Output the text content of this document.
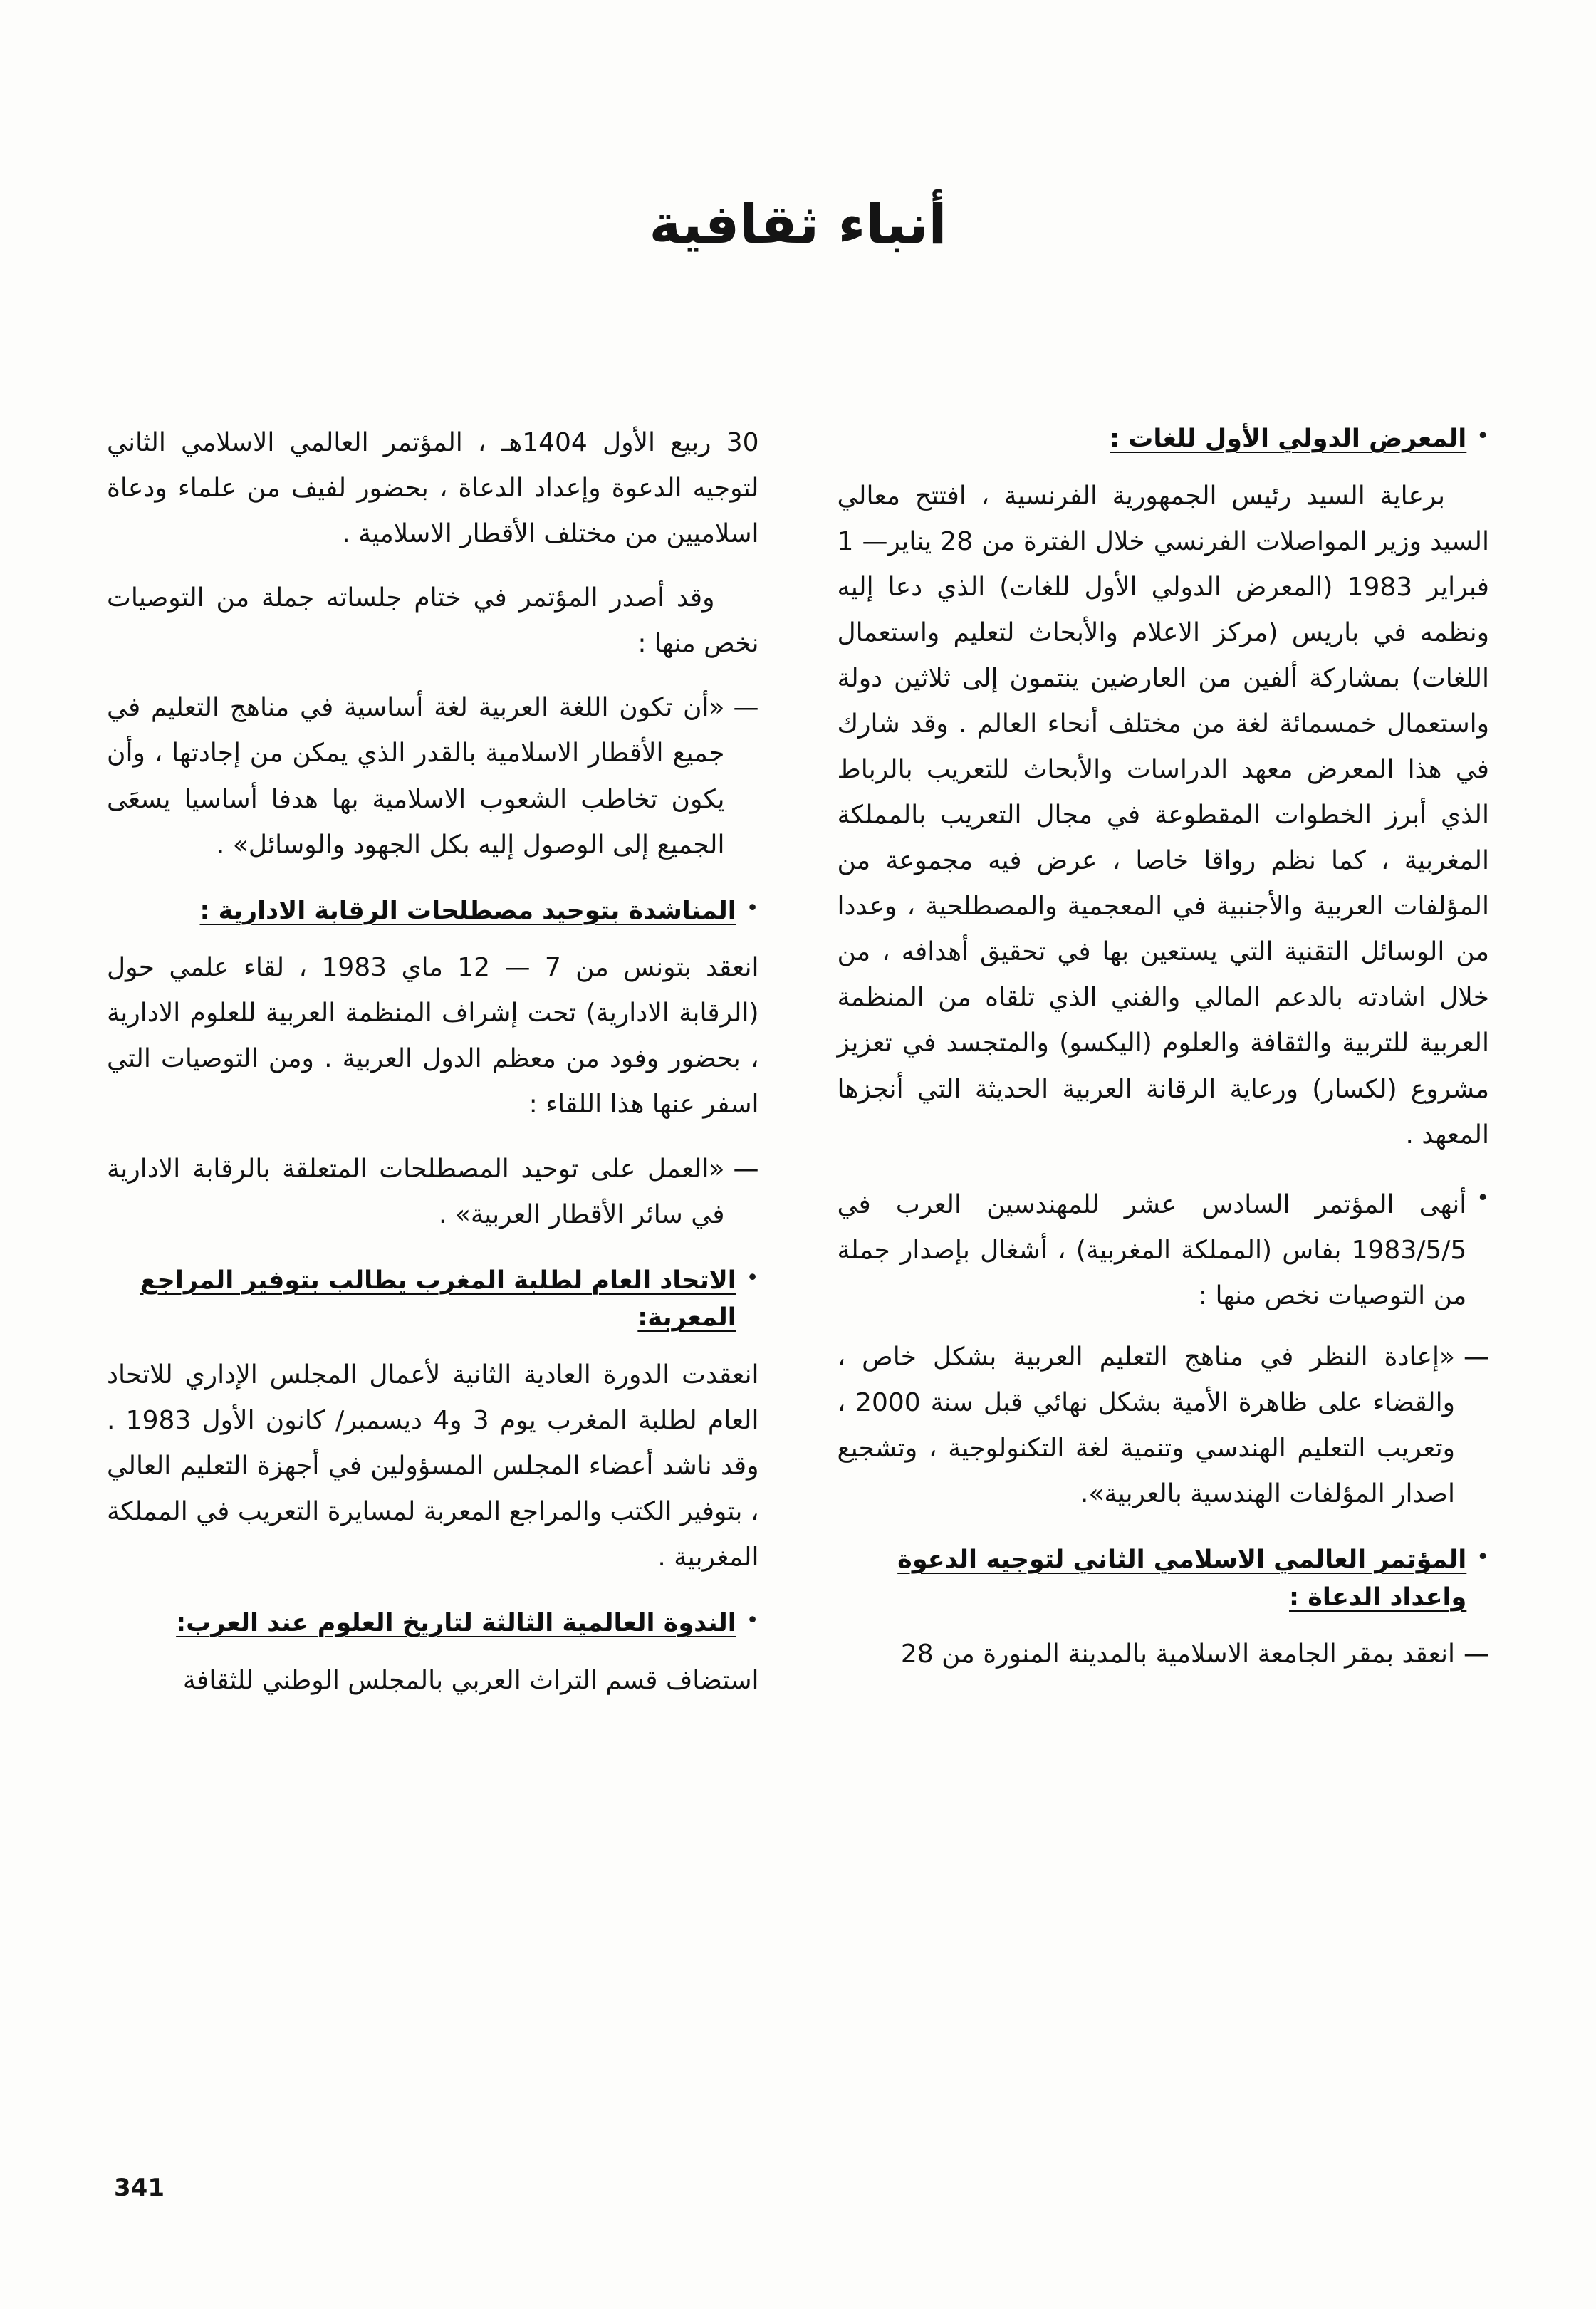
أنباء ثقافية
•
المعرض الدولي الأول للغات :

برعاية السيد رئيس الجمهورية الفرنسية ، افتتح معالي السيد وزير المواصلات الفرنسي خلال الفترة من 28 يناير— 1 فبراير 1983 (المعرض الدولي الأول للغات) الذي دعا إليه ونظمه في باريس (مركز الاعلام والأبحاث لتعليم واستعمال اللغات) بمشاركة ألفين من العارضين ينتمون إلى ثلاثين دولة واستعمال خمسمائة لغة من مختلف أنحاء العالم . وقد شارك في هذا المعرض معهد الدراسات والأبحاث للتعريب بالرباط الذي أبرز الخطوات المقطوعة في مجال التعريب بالمملكة المغربية ، كما نظم رواقا خاصا ، عرض فيه مجموعة من المؤلفات العربية والأجنبية في المعجمية والمصطلحية ، وعددا من الوسائل التقنية التي يستعين بها في تحقيق أهدافه ، من خلال اشادته بالدعم المالي والفني الذي تلقاه من المنظمة العربية للتربية والثقافة والعلوم (اليكسو) والمتجسد في تعزيز مشروع (لكسار) ورعاية الرقانة العربية الحديثة التي أنجزها المعهد .

•
أنهى المؤتمر السادس عشر للمهندسين العرب في 1983/5/5 بفاس (المملكة المغربية) ، أشغال بإصدار جملة من التوصيات نخص منها :
—
«إعادة النظر في مناهج التعليم العربية بشكل خاص ، والقضاء على ظاهرة الأمية بشكل نهائي قبل سنة 2000 ، وتعريب التعليم الهندسي وتنمية لغة التكنولوجية ، وتشجيع اصدار المؤلفات الهندسية بالعربية».
•
المؤتمر العالمي الاسلامي الثاني لتوجيه الدعوة واعداد الدعاة :
—
انعقد بمقر الجامعة الاسلامية بالمدينة المنورة من 28

30 ربيع الأول 1404هـ ، المؤتمر العالمي الاسلامي الثاني لتوجيه الدعوة وإعداد الدعاة ، بحضور لفيف من علماء ودعاة اسلاميين من مختلف الأقطار الاسلامية .

وقد أصدر المؤتمر في ختام جلساته جملة من التوصيات نخص منها :

—
«أن تكون اللغة العربية لغة أساسية في مناهج التعليم في جميع الأقطار الاسلامية بالقدر الذي يمكن من إجادتها ، وأن يكون تخاطب الشعوب الاسلامية بها هدفا أساسيا يسعَى الجميع إلى الوصول إليه بكل الجهود والوسائل» .
•
المناشدة بتوحيد مصطلحات الرقابة الادارية :

انعقد بتونس من 7 — 12 ماي 1983 ، لقاء علمي حول (الرقابة الادارية) تحت إشراف المنظمة العربية للعلوم الادارية ، بحضور وفود من معظم الدول العربية . ومن التوصيات التي اسفر عنها هذا اللقاء :

—
«العمل على توحيد المصطلحات المتعلقة بالرقابة الادارية في سائر الأقطار العربية» .
•
الاتحاد العام لطلبة المغرب يطالب بتوفير المراجع المعربة:

انعقدت الدورة العادية الثانية لأعمال المجلس الإداري للاتحاد العام لطلبة المغرب يوم 3 و4 ديسمبر/ كانون الأول 1983 . وقد ناشد أعضاء المجلس المسؤولين في أجهزة التعليم العالي ، بتوفير الكتب والمراجع المعربة لمسايرة التعريب في المملكة المغربية .

•
الندوة العالمية الثالثة لتاريخ العلوم عند العرب:

استضاف قسم التراث العربي بالمجلس الوطني للثقافة

341
